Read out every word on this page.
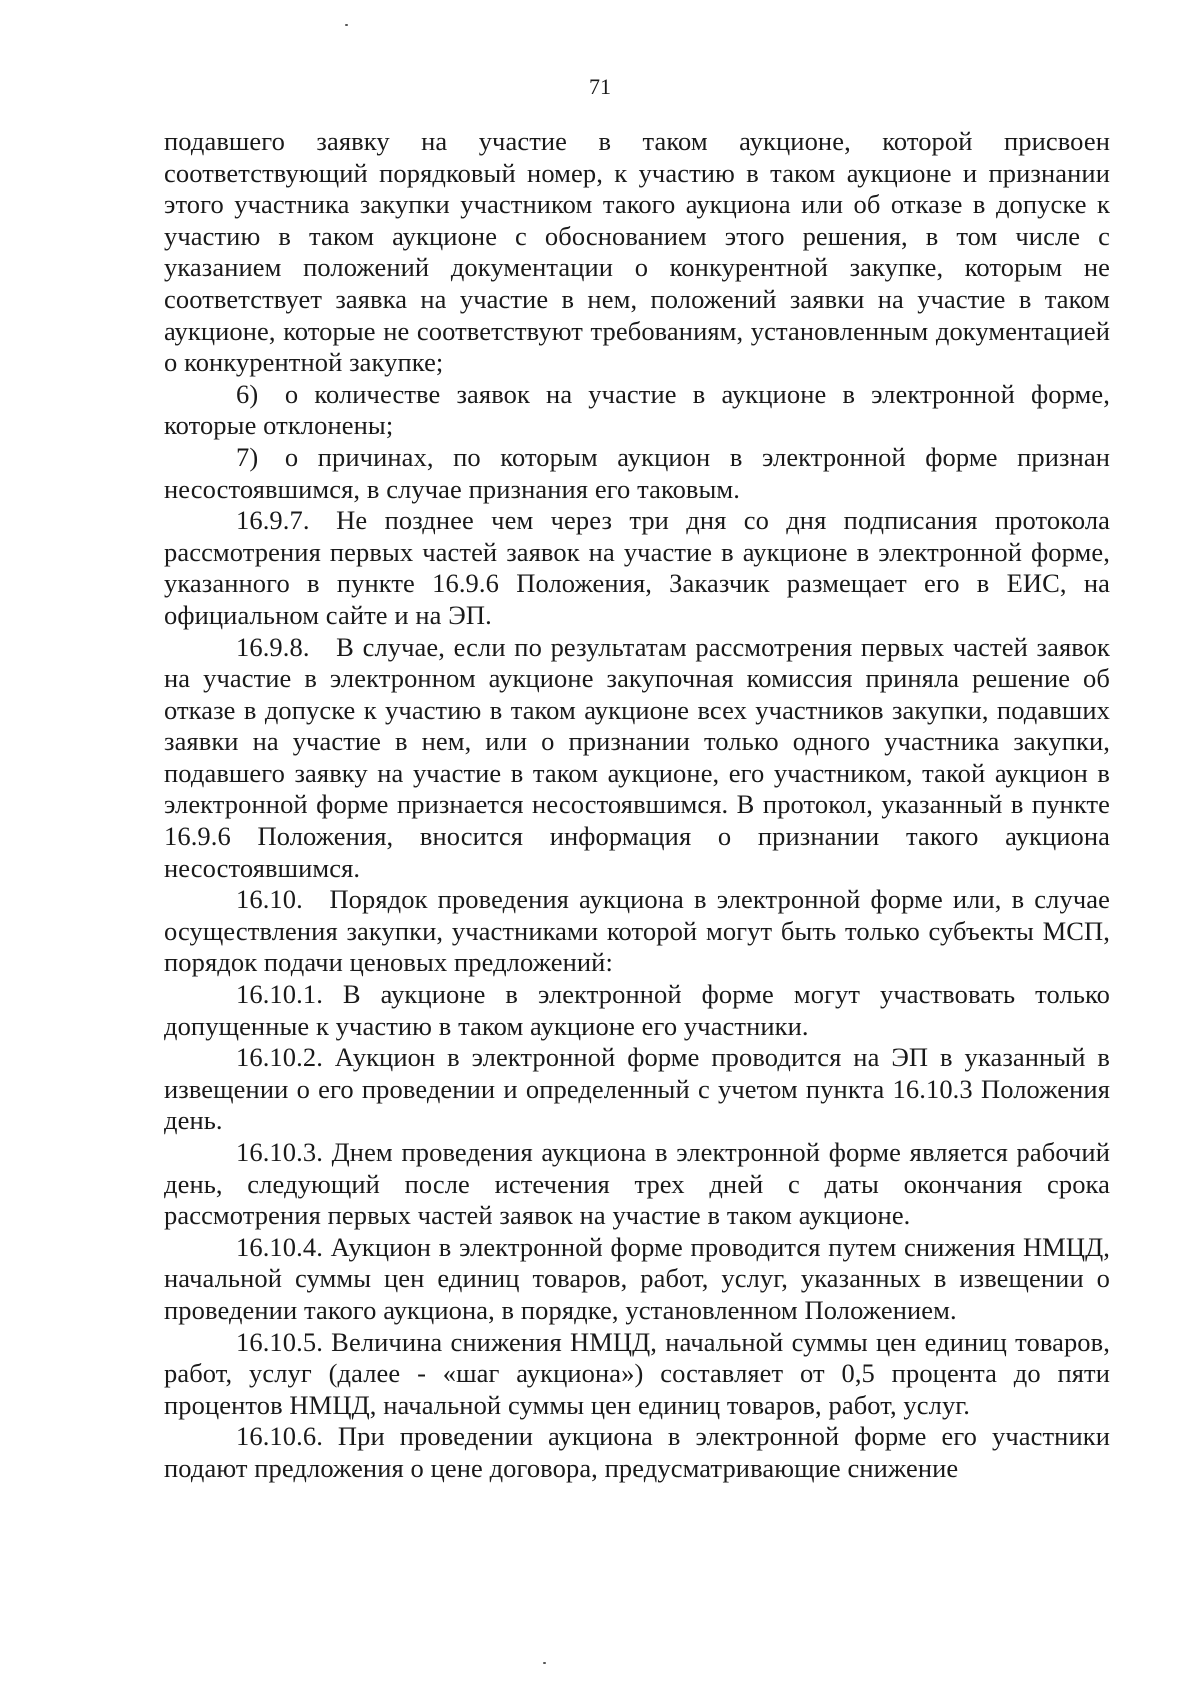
71

подавшего заявку на участие в таком аукционе, которой присвоен соответствующий порядковый номер, к участию в таком аукционе и признании этого участника закупки участником такого аукциона или об отказе в допуске к участию в таком аукционе с обоснованием этого решения, в том числе с указанием положений документации о конкурентной закупке, которым не соответствует заявка на участие в нем, положений заявки на участие в таком аукционе, которые не соответствуют требованиям, установленным документацией о конкурентной закупке;

6) о количестве заявок на участие в аукционе в электронной форме, которые отклонены;

7) о причинах, по которым аукцион в электронной форме признан несостоявшимся, в случае признания его таковым.

16.9.7. Не позднее чем через три дня со дня подписания протокола рассмотрения первых частей заявок на участие в аукционе в электронной форме, указанного в пункте 16.9.6 Положения, Заказчик размещает его в ЕИС, на официальном сайте и на ЭП.

16.9.8. В случае, если по результатам рассмотрения первых частей заявок на участие в электронном аукционе закупочная комиссия приняла решение об отказе в допуске к участию в таком аукционе всех участников закупки, подавших заявки на участие в нем, или о признании только одного участника закупки, подавшего заявку на участие в таком аукционе, его участником, такой аукцион в электронной форме признается несостоявшимся. В протокол, указанный в пункте 16.9.6 Положения, вносится информация о признании такого аукциона несостоявшимся.

16.10. Порядок проведения аукциона в электронной форме или, в случае осуществления закупки, участниками которой могут быть только субъекты МСП, порядок подачи ценовых предложений:

16.10.1. В аукционе в электронной форме могут участвовать только допущенные к участию в таком аукционе его участники.

16.10.2. Аукцион в электронной форме проводится на ЭП в указанный в извещении о его проведении и определенный с учетом пункта 16.10.3 Положения день.

16.10.3. Днем проведения аукциона в электронной форме является рабочий день, следующий после истечения трех дней с даты окончания срока рассмотрения первых частей заявок на участие в таком аукционе.

16.10.4. Аукцион в электронной форме проводится путем снижения НМЦД, начальной суммы цен единиц товаров, работ, услуг, указанных в извещении о проведении такого аукциона, в порядке, установленном Положением.

16.10.5. Величина снижения НМЦД, начальной суммы цен единиц товаров, работ, услуг (далее - «шаг аукциона») составляет от 0,5 процента до пяти процентов НМЦД, начальной суммы цен единиц товаров, работ, услуг.

16.10.6. При проведении аукциона в электронной форме его участники подают предложения о цене договора, предусматривающие снижение
